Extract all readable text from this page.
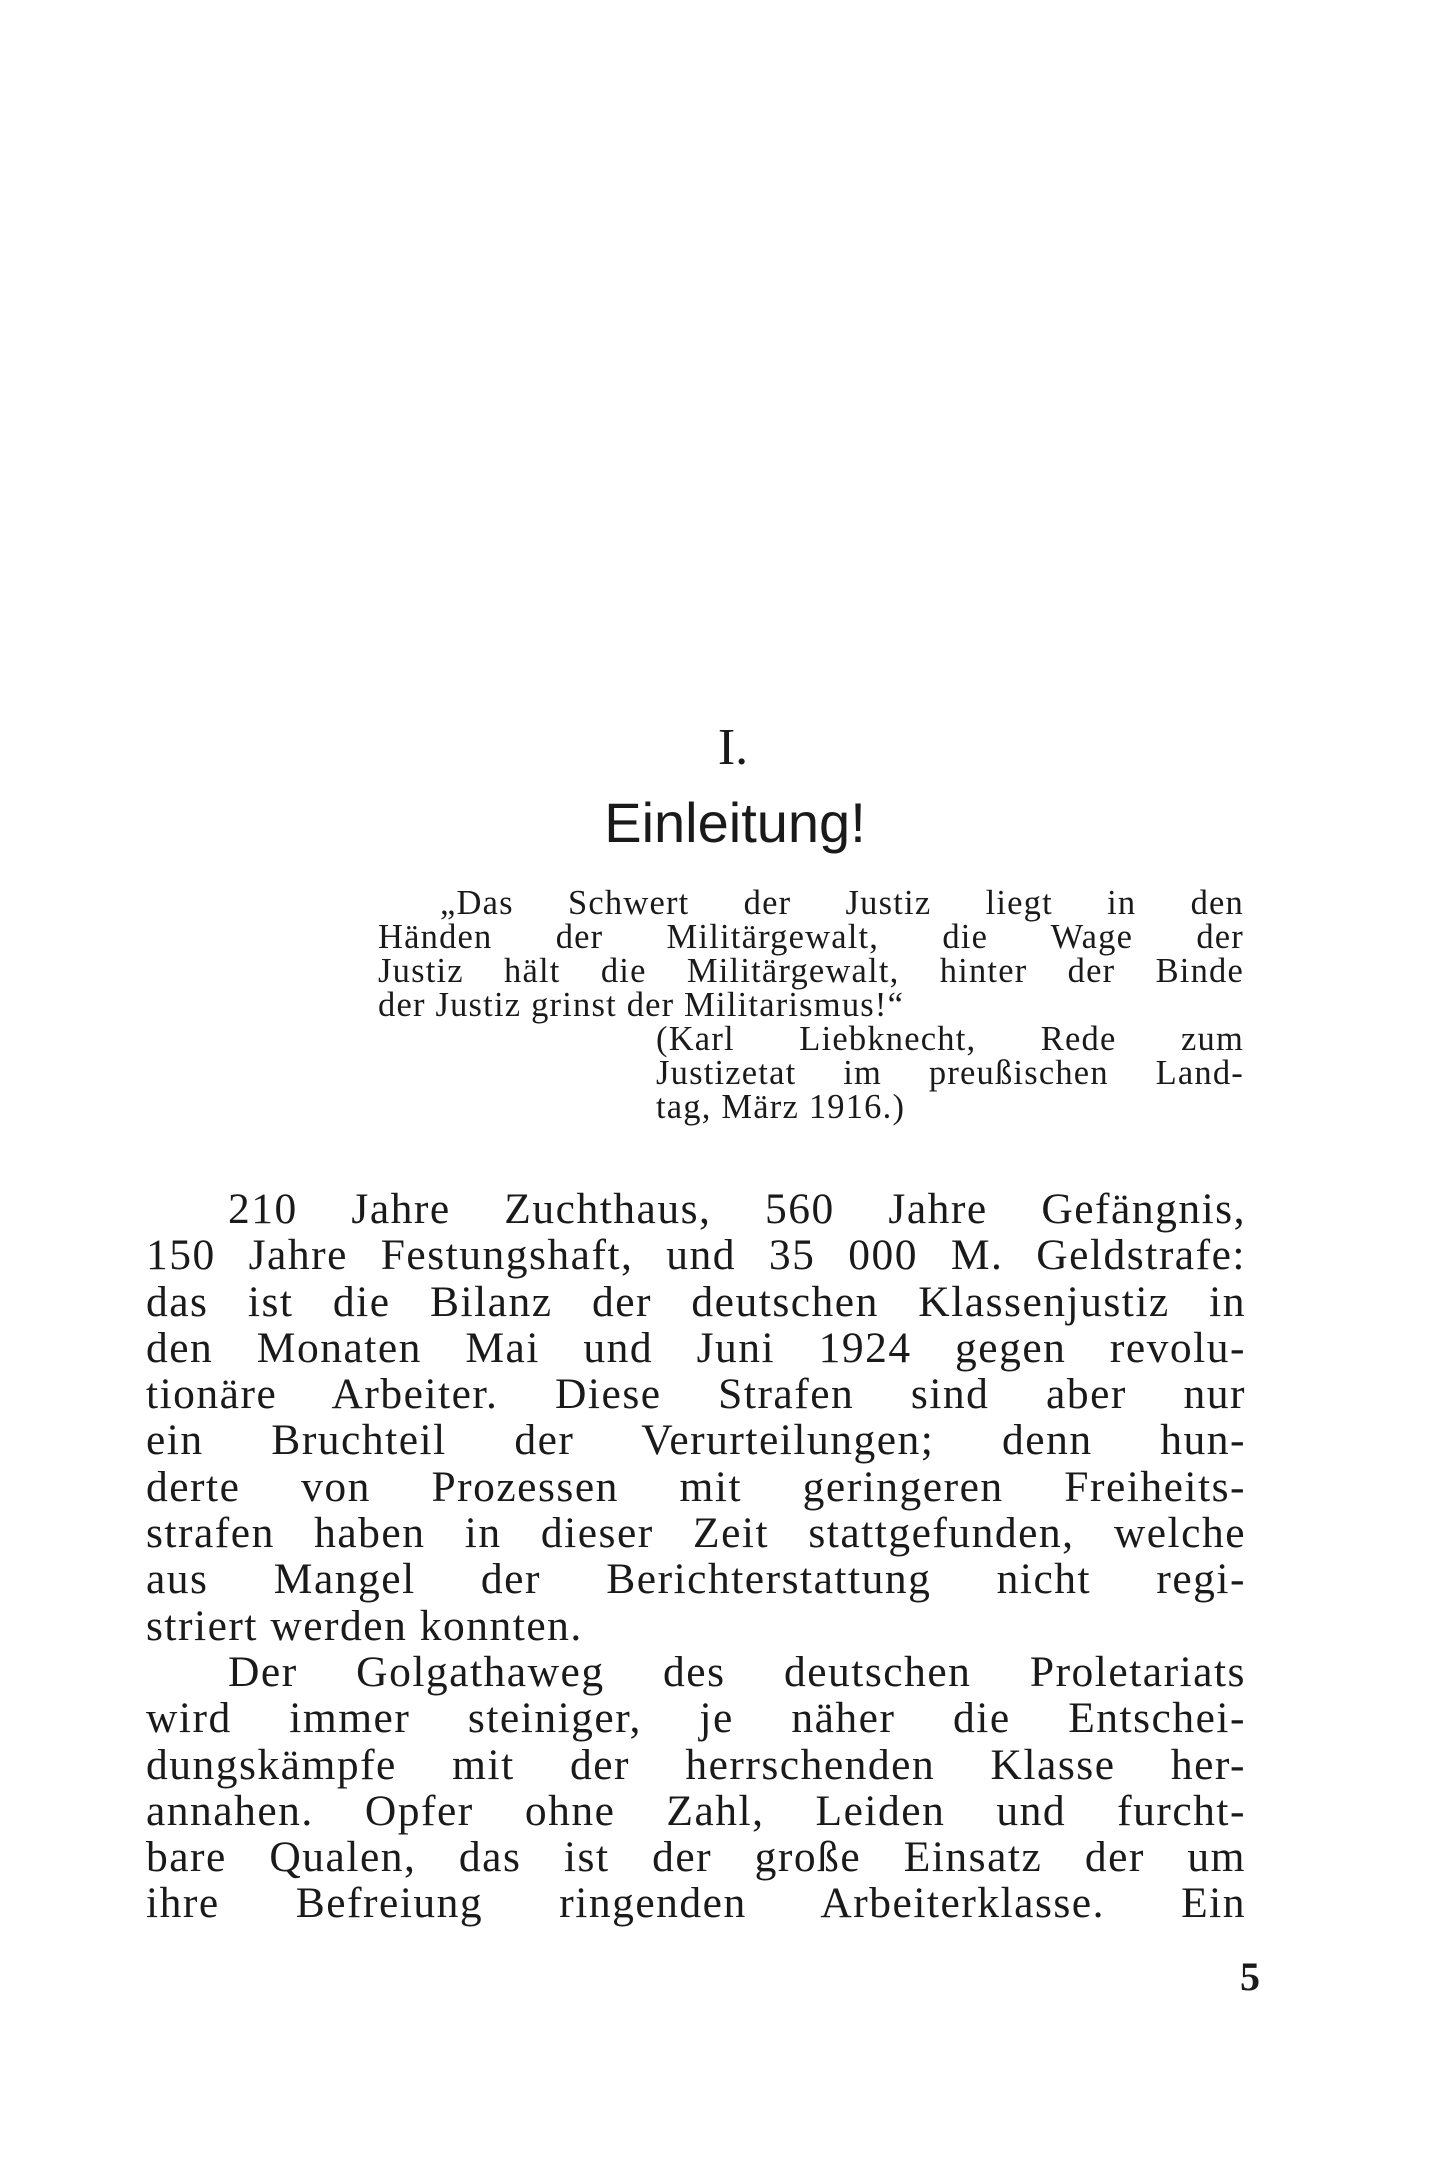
I.
Einleitung!
„Das Schwert der Justiz liegt in den
Händen der Militärgewalt, die Wage der
Justiz hält die Militärgewalt, hinter der Binde
der Justiz grinst der Militarismus!“
(Karl Liebknecht, Rede zum
Justizetat im preußischen Land-
tag, März 1916.)
210 Jahre Zuchthaus, 560 Jahre Gefängnis,
150 Jahre Festungshaft, und 35 000 M. Geldstrafe:
das ist die Bilanz der deutschen Klassenjustiz in
den Monaten Mai und Juni 1924 gegen revolu-
tionäre Arbeiter. Diese Strafen sind aber nur
ein Bruchteil der Verurteilungen; denn hun-
derte von Prozessen mit geringeren Freiheits-
strafen haben in dieser Zeit stattgefunden, welche
aus Mangel der Berichterstattung nicht regi-
striert werden konnten.
Der Golgathaweg des deutschen Proletariats
wird immer steiniger, je näher die Entschei-
dungskämpfe mit der herrschenden Klasse her-
annahen. Opfer ohne Zahl, Leiden und furcht-
bare Qualen, das ist der große Einsatz der um
ihre Befreiung ringenden Arbeiterklasse. Ein
5
